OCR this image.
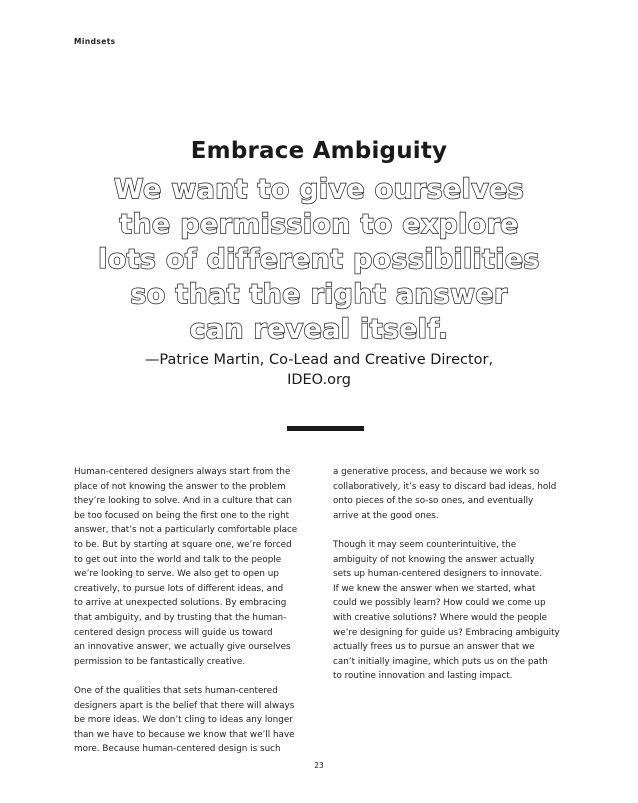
Mindsets
Embrace Ambiguity
We want to give ourselves
the permission to explore
lots of different possibilities
so that the right answer
can reveal itself.
—Patrice Martin, Co-Lead and Creative Director,
IDEO.org
Human-centered designers always start from the
place of not knowing the answer to the problem
they’re looking to solve. And in a culture that can
be too focused on being the first one to the right
answer, that’s not a particularly comfortable place
to be. But by starting at square one, we’re forced
to get out into the world and talk to the people
we’re looking to serve. We also get to open up
creatively, to pursue lots of different ideas, and
to arrive at unexpected solutions. By embracing
that ambiguity, and by trusting that the human-
centered design process will guide us toward
an innovative answer, we actually give ourselves
permission to be fantastically creative.
One of the qualities that sets human-centered
designers apart is the belief that there will always
be more ideas. We don’t cling to ideas any longer
than we have to because we know that we’ll have
more. Because human-centered design is such
a generative process, and because we work so
collaboratively, it’s easy to discard bad ideas, hold
onto pieces of the so-so ones, and eventually
arrive at the good ones.
Though it may seem counterintuitive, the
ambiguity of not knowing the answer actually
sets up human-centered designers to innovate.
If we knew the answer when we started, what
could we possibly learn? How could we come up
with creative solutions? Where would the people
we’re designing for guide us? Embracing ambiguity
actually frees us to pursue an answer that we
can’t initially imagine, which puts us on the path
to routine innovation and lasting impact.
23
